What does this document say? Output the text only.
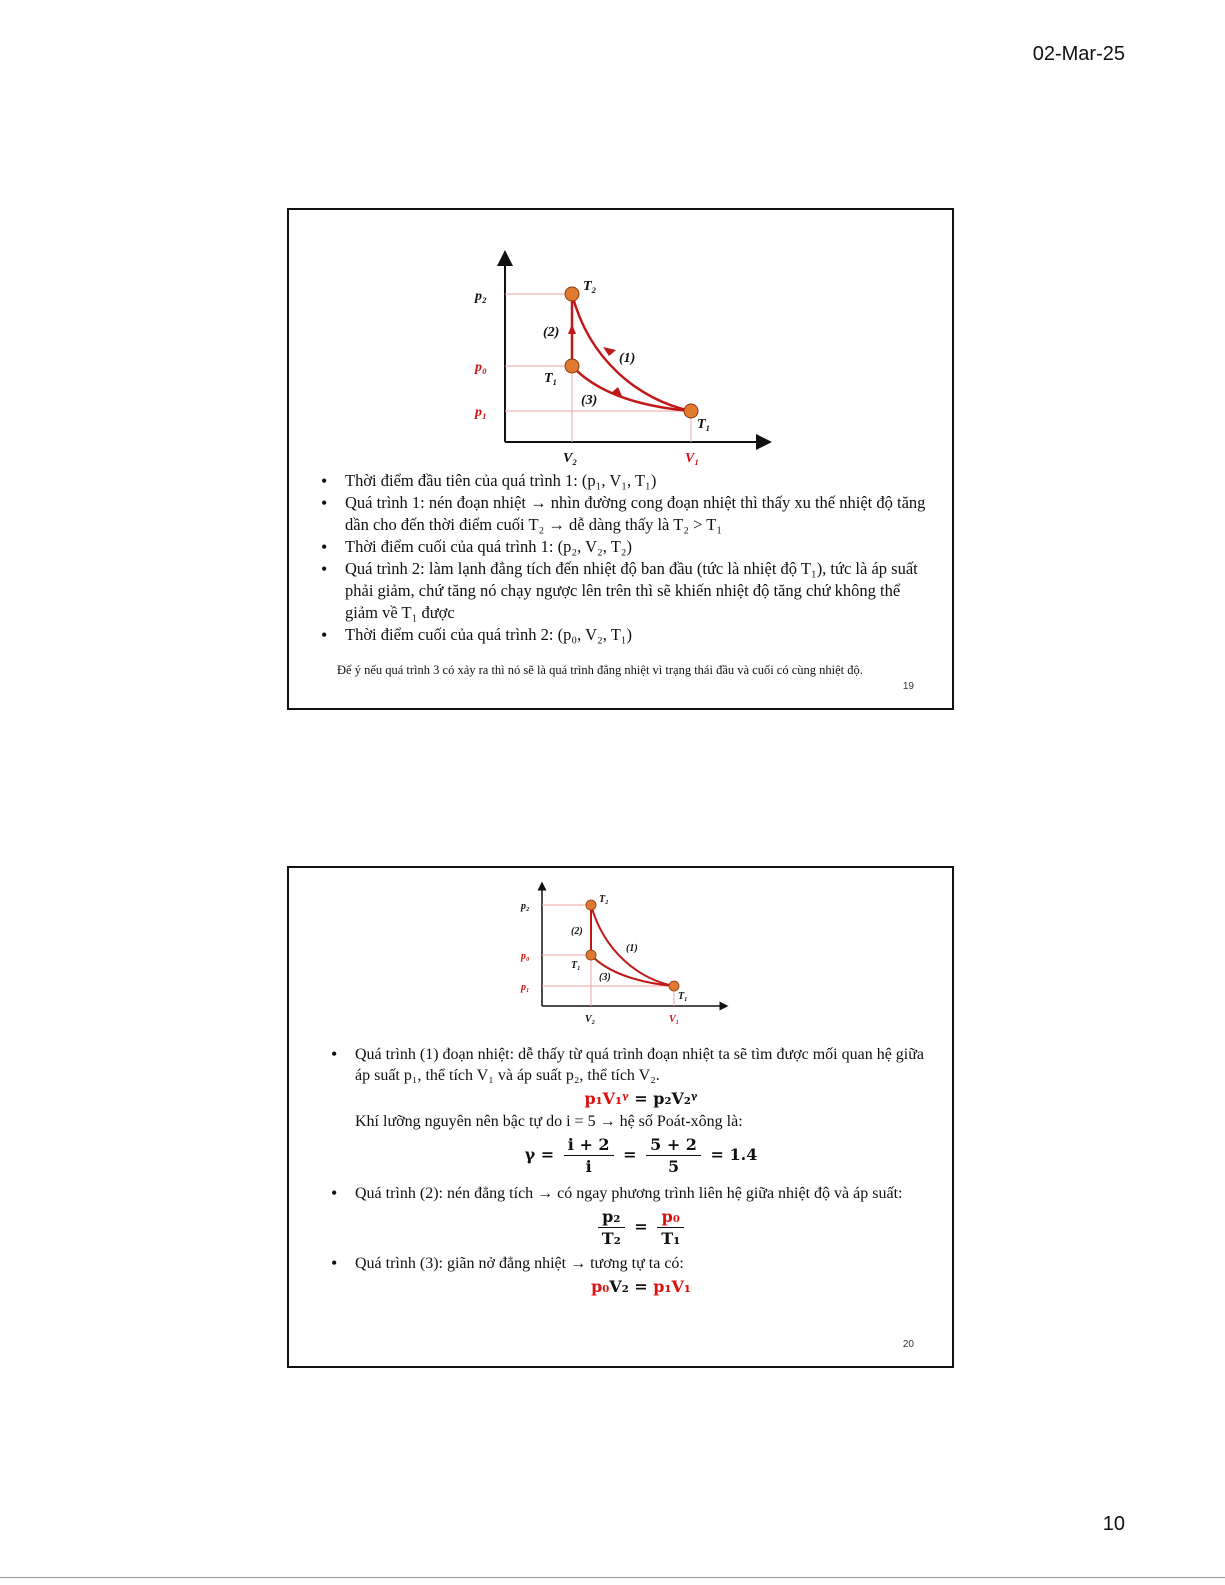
02-Mar-25
p₂
p₀
p₁
V₂	V₁
T₂
T₁
T₁
(1)
(2)
(3)
• Thời điểm đầu tiên của quá trình 1: (p₁, V₁, T₁)
• Quá trình 1: nén đoạn nhiệt → nhìn đường cong đoạn nhiệt thì thấy xu thế nhiệt độ tăng dần cho đến thời điểm cuối T₂ → dễ dàng thấy là T₂ > T₁
• Thời điểm cuối của quá trình 1: (p₂, V₂, T₂)
• Quá trình 2: làm lạnh đẳng tích đến nhiệt độ ban đầu (tức là nhiệt độ T₁), tức là áp suất phải giảm, chứ tăng nó chạy ngược lên trên thì sẽ khiến nhiệt độ tăng chứ không thể giảm về T₁ được
• Thời điểm cuối của quá trình 2: (p₀, V₂, T₁)
Để ý nếu quá trình 3 có xảy ra thì nó sẽ là quá trình đẳng nhiệt vì trạng thái đầu và cuối có cùng nhiệt độ.
19
p₂
p₀
p₁
V₂	V₁
T₂
T₁
T₁
(1)
(2)
(3)
• Quá trình (1) đoạn nhiệt: dễ thấy từ quá trình đoạn nhiệt ta sẽ tìm được mối quan hệ giữa áp suất p₁, thể tích V₁ và áp suất p₂, thể tích V₂.
p₁V₁ᵞ = p₂V₂ᵞ
Khí lưỡng nguyên nên bậc tự do i = 5 → hệ số Poát-xông là:
$\gamma = \frac{i + 2}{i} = \frac{5 + 2}{5} = 1.4$
• Quá trình (2): nén đẳng tích → có ngay phương trình liên hệ giữa nhiệt độ và áp suất:
$\frac{\text{p₂}}{\text{T₂}} = \frac{\text{p₀}}{\text{T₁}}$
• Quá trình (3): giãn nở đẳng nhiệt → tương tự ta có:
p₀V₂ = p₁V₁
20
10
